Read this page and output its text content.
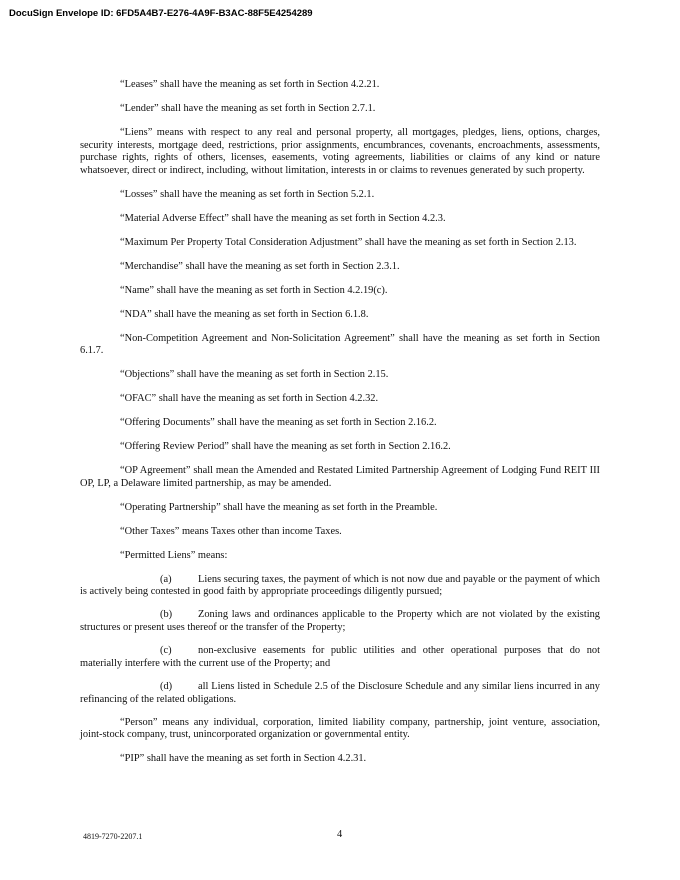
DocuSign Envelope ID: 6FD5A4B7-E276-4A9F-B3AC-88F5E4254289

“Leases” shall have the meaning as set forth in Section 4.2.21.

“Lender” shall have the meaning as set forth in Section 2.7.1.

“Liens” means with respect to any real and personal property, all mortgages, pledges, liens, options, charges, security interests, mortgage deed, restrictions, prior assignments, encumbrances, covenants, encroachments, assessments, purchase rights, rights of others, licenses, easements, voting agreements, liabilities or claims of any kind or nature whatsoever, direct or indirect, including, without limitation, interests in or claims to revenues generated by such property.

“Losses” shall have the meaning as set forth in Section 5.2.1.

“Material Adverse Effect” shall have the meaning as set forth in Section 4.2.3.

“Maximum Per Property Total Consideration Adjustment” shall have the meaning as set forth in Section 2.13.

“Merchandise” shall have the meaning as set forth in Section 2.3.1.

“Name” shall have the meaning as set forth in Section 4.2.19(c).

“NDA” shall have the meaning as set forth in Section 6.1.8.

“Non-Competition Agreement and Non-Solicitation Agreement” shall have the meaning as set forth in Section 6.1.7.

“Objections” shall have the meaning as set forth in Section 2.15.

“OFAC” shall have the meaning as set forth in Section 4.2.32.

“Offering Documents” shall have the meaning as set forth in Section 2.16.2.

“Offering Review Period” shall have the meaning as set forth in Section 2.16.2.

“OP Agreement” shall mean the Amended and Restated Limited Partnership Agreement of Lodging Fund REIT III OP, LP, a Delaware limited partnership, as may be amended.

“Operating Partnership” shall have the meaning as set forth in the Preamble.

“Other Taxes” means Taxes other than income Taxes.

“Permitted Liens” means:

(a)	Liens securing taxes, the payment of which is not now due and payable or the payment of which is actively being contested in good faith by appropriate proceedings diligently pursued;

(b) Zoning laws and ordinances applicable to the Property which are not violated by the existing structures or present uses thereof or the transfer of the Property;

(c)	non-exclusive easements for public utilities and other operational purposes that do not materially interfere with the current use of the Property; and

(d) all Liens listed in Schedule 2.5 of the Disclosure Schedule and any similar liens incurred in any refinancing of the related obligations.

“Person” means any individual, corporation, limited liability company, partnership, joint venture, association, joint-stock company, trust, unincorporated organization or governmental entity.

“PIP” shall have the meaning as set forth in Section 4.2.31.

4819-7270-2207.1	4
